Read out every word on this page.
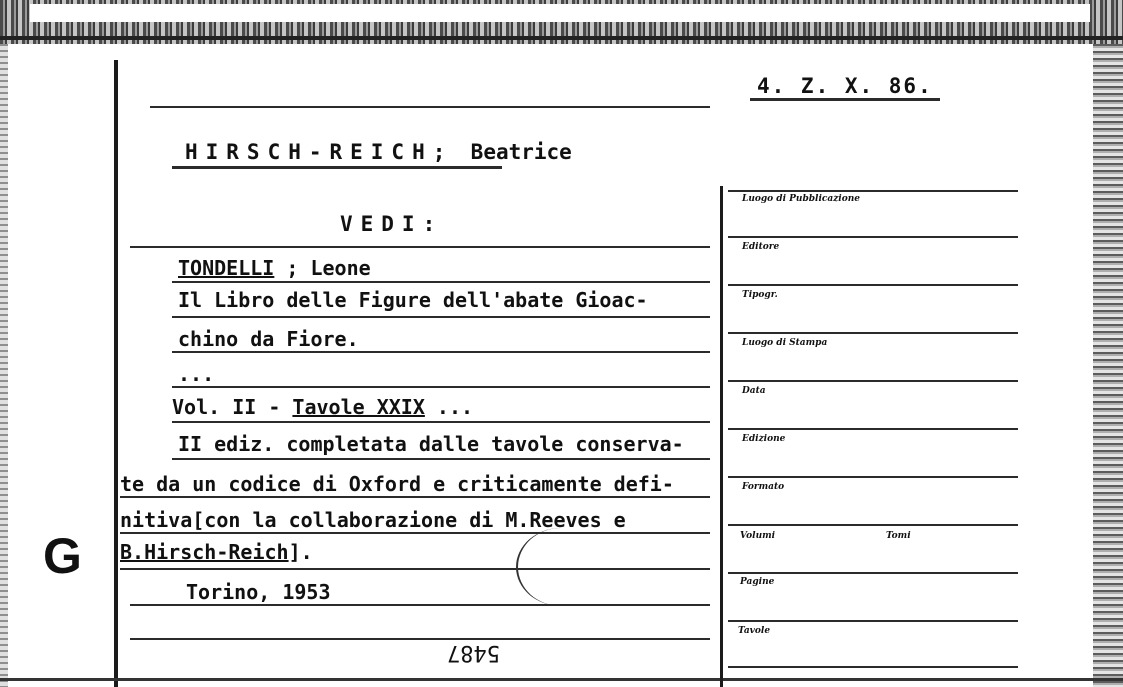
4. Z. X. 86.
HIRSCH-REICH; Beatrice
VEDI:
TONDELLI ; Leone
Il Libro delle Figure dell'abate Gioac-
chino da Fiore.
...
Vol. II - Tavole XXIX ...
II ediz. completata dalle tavole conserva-
te da un codice di Oxford e criticamente defi-
nitiva[con la collaborazione di M.Reeves e
B.Hirsch-Reich].
Torino, 1953
5487
G
Luogo di Pubblicazione
Editore
Tipogr.
Luogo di Stampa
Data
Edizione
Formato
Volumi	Tomi
Pagine
Tavole
